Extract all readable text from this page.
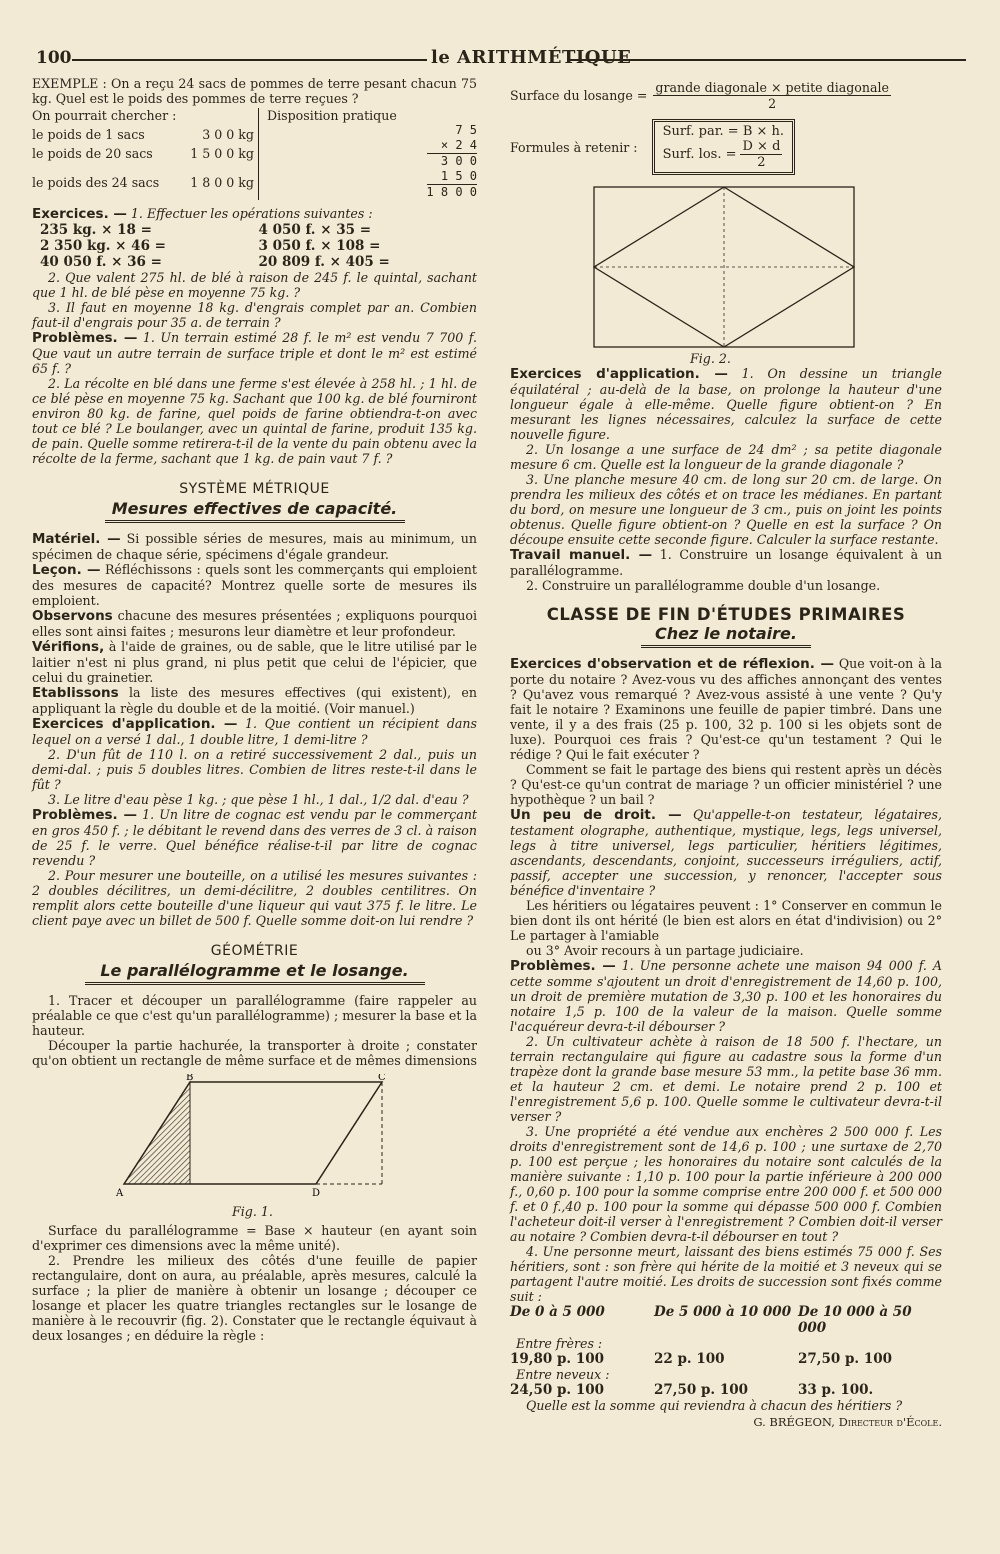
100	le ARITHMÉTIQUE

EXEMPLE : On a reçu 24 sacs de pommes de terre pesant chacun 75 kg. Quel est le poids des pommes de terre reçues ?

On pourrait chercher :
le poids de 1 sacs	3 0 0 kg
le poids de 20 sacs	1 5 0 0 kg
le poids des 24 sacs 1 8 0 0 kg
Disposition pratique
7 5
× 2 4
3 0 0
1 5 0
1 8 0 0

Exercices. — 1. Effectuer les opérations suivantes :

235 kg. × 18 =	4 050 f. × 35 =
2 350 kg. × 46 =	3 050 f. × 108 =
40 050 f. × 36 =	20 809 f. × 405 =

2. Que valent 275 hl. de blé à raison de 245 f. le quintal, sachant que 1 hl. de blé pèse en moyenne 75 kg. ?

3. Il faut en moyenne 18 kg. d'engrais complet par an. Combien faut-il d'engrais pour 35 a. de terrain ?

Problèmes. — 1. Un terrain estimé 28 f. le m² est vendu 7 700 f. Que vaut un autre terrain de surface triple et dont le m² est estimé 65 f. ?

2. La récolte en blé dans une ferme s'est élevée à 258 hl. ; 1 hl. de ce blé pèse en moyenne 75 kg. Sachant que 100 kg. de blé fourniront environ 80 kg. de farine, quel poids de farine obtiendra-t-on avec tout ce blé ? Le boulanger, avec un quintal de farine, produit 135 kg. de pain. Quelle somme retirera-t-il de la vente du pain obtenu avec la récolte de la ferme, sachant que 1 kg. de pain vaut 7 f. ?

SYSTÈME MÉTRIQUE
Mesures effectives de capacité.

Matériel. — Si possible séries de mesures, mais au minimum, un spécimen de chaque série, spécimens d'égale grandeur.

Leçon. — Réfléchissons : quels sont les commerçants qui emploient des mesures de capacité? Montrez quelle sorte de mesures ils emploient.

Observons chacune des mesures présentées ; expliquons pourquoi elles sont ainsi faites ; mesurons leur diamètre et leur profondeur.

Vérifions, à l'aide de graines, ou de sable, que le litre utilisé par le laitier n'est ni plus grand, ni plus petit que celui de l'épicier, que celui du grainetier.

Etablissons la liste des mesures effectives (qui existent), en appliquant la règle du double et de la moitié. (Voir manuel.)

Exercices d'application. — 1. Que contient un récipient dans lequel on a versé 1 dal., 1 double litre, 1 demi-litre ?

2. D'un fût de 110 l. on a retiré successivement 2 dal., puis un demi-dal. ; puis 5 doubles litres. Combien de litres reste-t-il dans le fût ?

3. Le litre d'eau pèse 1 kg. ; que pèse 1 hl., 1 dal., 1/2 dal. d'eau ?

Problèmes. — 1. Un litre de cognac est vendu par le commerçant en gros 450 f. ; le débitant le revend dans des verres de 3 cl. à raison de 25 f. le verre. Quel bénéfice réalise-t-il par litre de cognac revendu ?

2. Pour mesurer une bouteille, on a utilisé les mesures suivantes : 2 doubles décilitres, un demi-décilitre, 2 doubles centilitres. On remplit alors cette bouteille d'une liqueur qui vaut 375 f. le litre. Le client paye avec un billet de 500 f. Quelle somme doit-on lui rendre ?

GÉOMÉTRIE
Le parallélogramme et le losange.

1. Tracer et découper un parallélogramme (faire rappeler au préalable ce que c'est qu'un parallélogramme) ; mesurer la base et la hauteur.

Découper la partie hachurée, la transporter à droite ; constater qu'on obtient un rectangle de même surface et de mêmes dimensions

A
B	C
D
Fig. 1.

Surface du parallélogramme = Base × hauteur (en ayant soin d'exprimer ces dimensions avec la même unité).

2. Prendre les milieux des côtés d'une feuille de papier rectangulaire, dont on aura, au préalable, après mesures, calculé la surface ; la plier de manière à obtenir un losange ; découper ce losange et placer les quatre triangles rectangles sur le losange de manière à le recouvrir (fig. 2). Constater que le rectangle équivaut à deux losanges ; en déduire la règle :

Surface du losange = $\frac{\text{grande diagonale × petite diagonale}}{2}$
Formules à retenir :
Surf. par. = B × h.
Surf. los. = $\frac{D \times d}{2}$
Fig. 2.

Exercices d'application. — 1. On dessine un triangle équilatéral ; au-delà de la base, on prolonge la hauteur d'une longueur égale à elle-même. Quelle figure obtient-on ? En mesurant les lignes nécessaires, calculez la surface de cette nouvelle figure.

2. Un losange a une surface de 24 dm² ; sa petite diagonale mesure 6 cm. Quelle est la longueur de la grande diagonale ?

3. Une planche mesure 40 cm. de long sur 20 cm. de large. On prendra les milieux des côtés et on trace les médianes. En partant du bord, on mesure une longueur de 3 cm., puis on joint les points obtenus. Quelle figure obtient-on ? Quelle en est la surface ? On découpe ensuite cette seconde figure. Calculer la surface restante.

Travail manuel. — 1. Construire un losange équivalent à un parallélogramme.

2. Construire un parallélogramme double d'un losange.

CLASSE DE FIN D'ÉTUDES PRIMAIRES
Chez le notaire.

Exercices d'observation et de réflexion. — Que voit-on à la porte du notaire ? Avez-vous vu des affiches annonçant des ventes ? Qu'avez vous remarqué ? Avez-vous assisté à une vente ? Qu'y fait le notaire ? Examinons une feuille de papier timbré. Dans une vente, il y a des frais (25 p. 100, 32 p. 100 si les objets sont de luxe). Pourquoi ces frais ? Qu'est-ce qu'un testament ? Qui le rédige ? Qui le fait exécuter ?

Comment se fait le partage des biens qui restent après un décès ? Qu'est-ce qu'un contrat de mariage ? un officier ministériel ? une hypothèque ? un bail ?

Un peu de droit. — Qu'appelle-t-on testateur, légataires, testament olographe, authentique, mystique, legs, legs universel, legs à titre universel, legs particulier, héritiers légitimes, ascendants, descendants, conjoint, successeurs irréguliers, actif, passif, accepter une succession, y renoncer, l'accepter sous bénéfice d'inventaire ?

Les héritiers ou légataires peuvent : 1° Conserver en commun le bien dont ils ont hérité (le bien est alors en état d'indivision) ou 2° Le partager à l'amiable

ou 3° Avoir recours à un partage judiciaire.

Problèmes. — 1. Une personne achete une maison 94 000 f. A cette somme s'ajoutent un droit d'enregistrement de 14,60 p. 100, un droit de première mutation de 3,30 p. 100 et les honoraires du notaire 1,5 p. 100 de la valeur de la maison. Quelle somme l'acquéreur devra-t-il débourser ?

2. Un cultivateur achète à raison de 18 500 f. l'hectare, un terrain rectangulaire qui figure au cadastre sous la forme d'un trapèze dont la grande base mesure 53 mm., la petite base 36 mm. et la hauteur 2 cm. et demi. Le notaire prend 2 p. 100 et l'enregistrement 5,6 p. 100. Quelle somme le cultivateur devra-t-il verser ?

3. Une propriété a été vendue aux enchères 2 500 000 f. Les droits d'enregistrement sont de 14,6 p. 100 ; une surtaxe de 2,70 p. 100 est perçue ; les honoraires du notaire sont calculés de la manière suivante : 1,10 p. 100 pour la partie inférieure à 200 000 f., 0,60 p. 100 pour la somme comprise entre 200 000 f. et 500 000 f. et 0 f.,40 p. 100 pour la somme qui dépasse 500 000 f. Combien l'acheteur doit-il verser à l'enregistrement ? Combien doit-il verser au notaire ? Combien devra-t-il débourser en tout ?

4. Une personne meurt, laissant des biens estimés 75 000 f. Ses héritiers, sont : son frère qui hérite de la moitié et 3 neveux qui se partagent l'autre moitié. Les droits de succession sont fixés comme suit :

De 0 à 5 000	De 5 000 à 10 000 De 10 000 à 50 000
Entre frères :
19,80 p. 100	22 p. 100	27,50 p. 100
Entre neveux :
24,50 p. 100	27,50 p. 100	33 p. 100.

Quelle est la somme qui reviendra à chacun des héritiers ?

G. BRÉGEON, Directeur d'École.
